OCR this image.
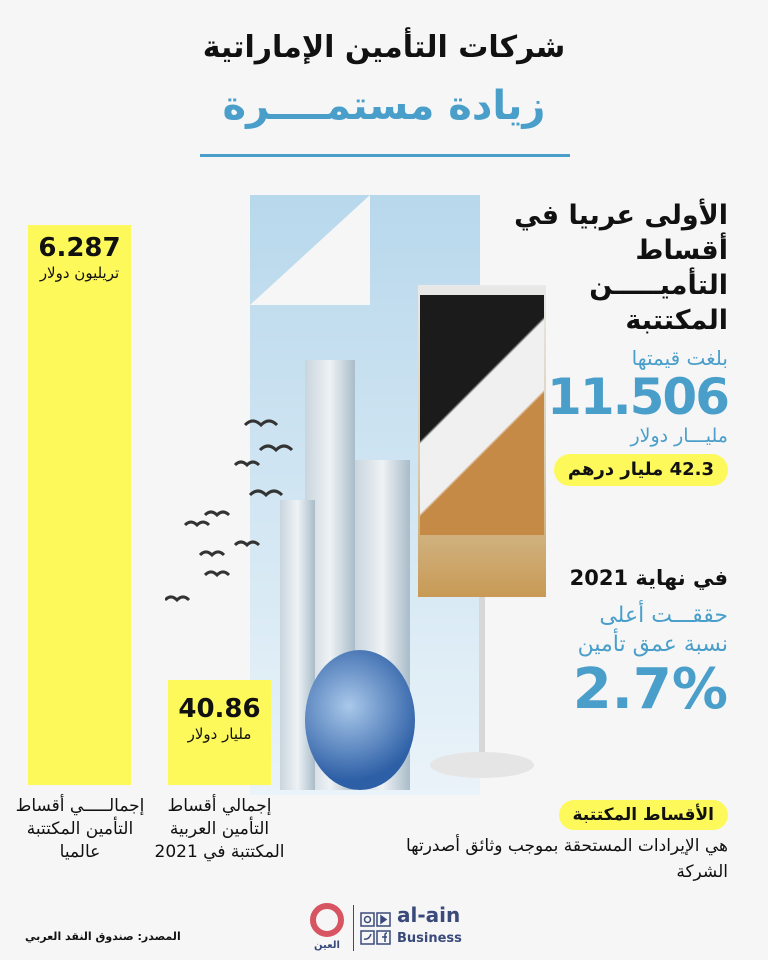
شركات التأمين الإماراتية
زيادة مستمــــرة
6.287
تريليون دولار
إجمالـــــي أقساط التأمين المكتتبة عالميا
40.86
مليار دولار
إجمالي أقساط التأمين العربية المكتتبة في 2021
الأولى عربيا في أقساط التأميـــــن المكتتبة
بلغت قيمتها
11.506
مليـــار دولار
42.3 مليار درهم
في نهاية 2021
حققـــت أعلى
نسبة عمق تأمين
2.7%
الأقساط المكتتبة
هي الإيرادات المستحقة بموجب وثائق أصدرتها الشركة
المصدر: صندوق النقد العربي
العين
al-ain
Business
